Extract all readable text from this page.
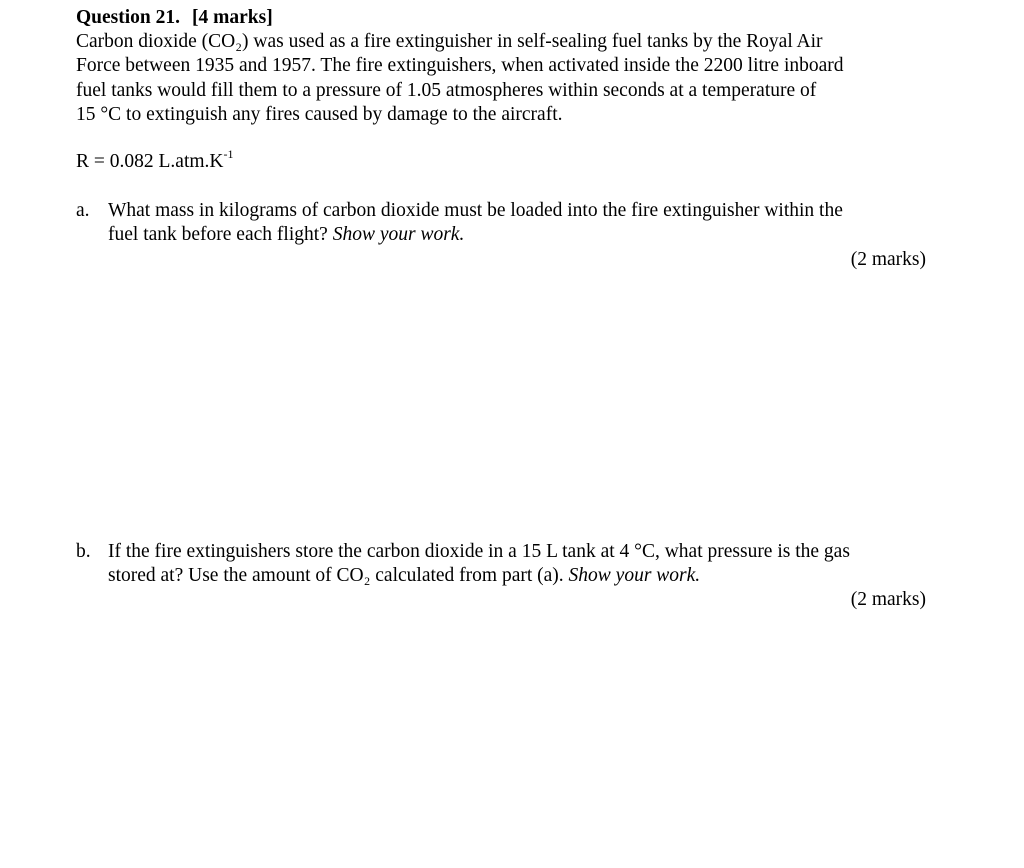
Question 21. [4 marks]
Carbon dioxide (CO₂) was used as a fire extinguisher in self-sealing fuel tanks by the Royal Air
Force between 1935 and 1957. The fire extinguishers, when activated inside the 2200 litre inboard
fuel tanks would fill them to a pressure of 1.05 atmospheres within seconds at a temperature of
15 °C to extinguish any fires caused by damage to the aircraft.
R = 0.082 $L.atm.K^{-1}$
a. What mass in kilograms of carbon dioxide must be loaded into the fire extinguisher within the
fuel tank before each flight? Show your work.
(2 marks)
b. If the fire extinguishers store the carbon dioxide in a 15 L tank at 4 °C, what pressure is the gas
stored at? Use the amount of CO₂ calculated from part (a). Show your work.
(2 marks)
